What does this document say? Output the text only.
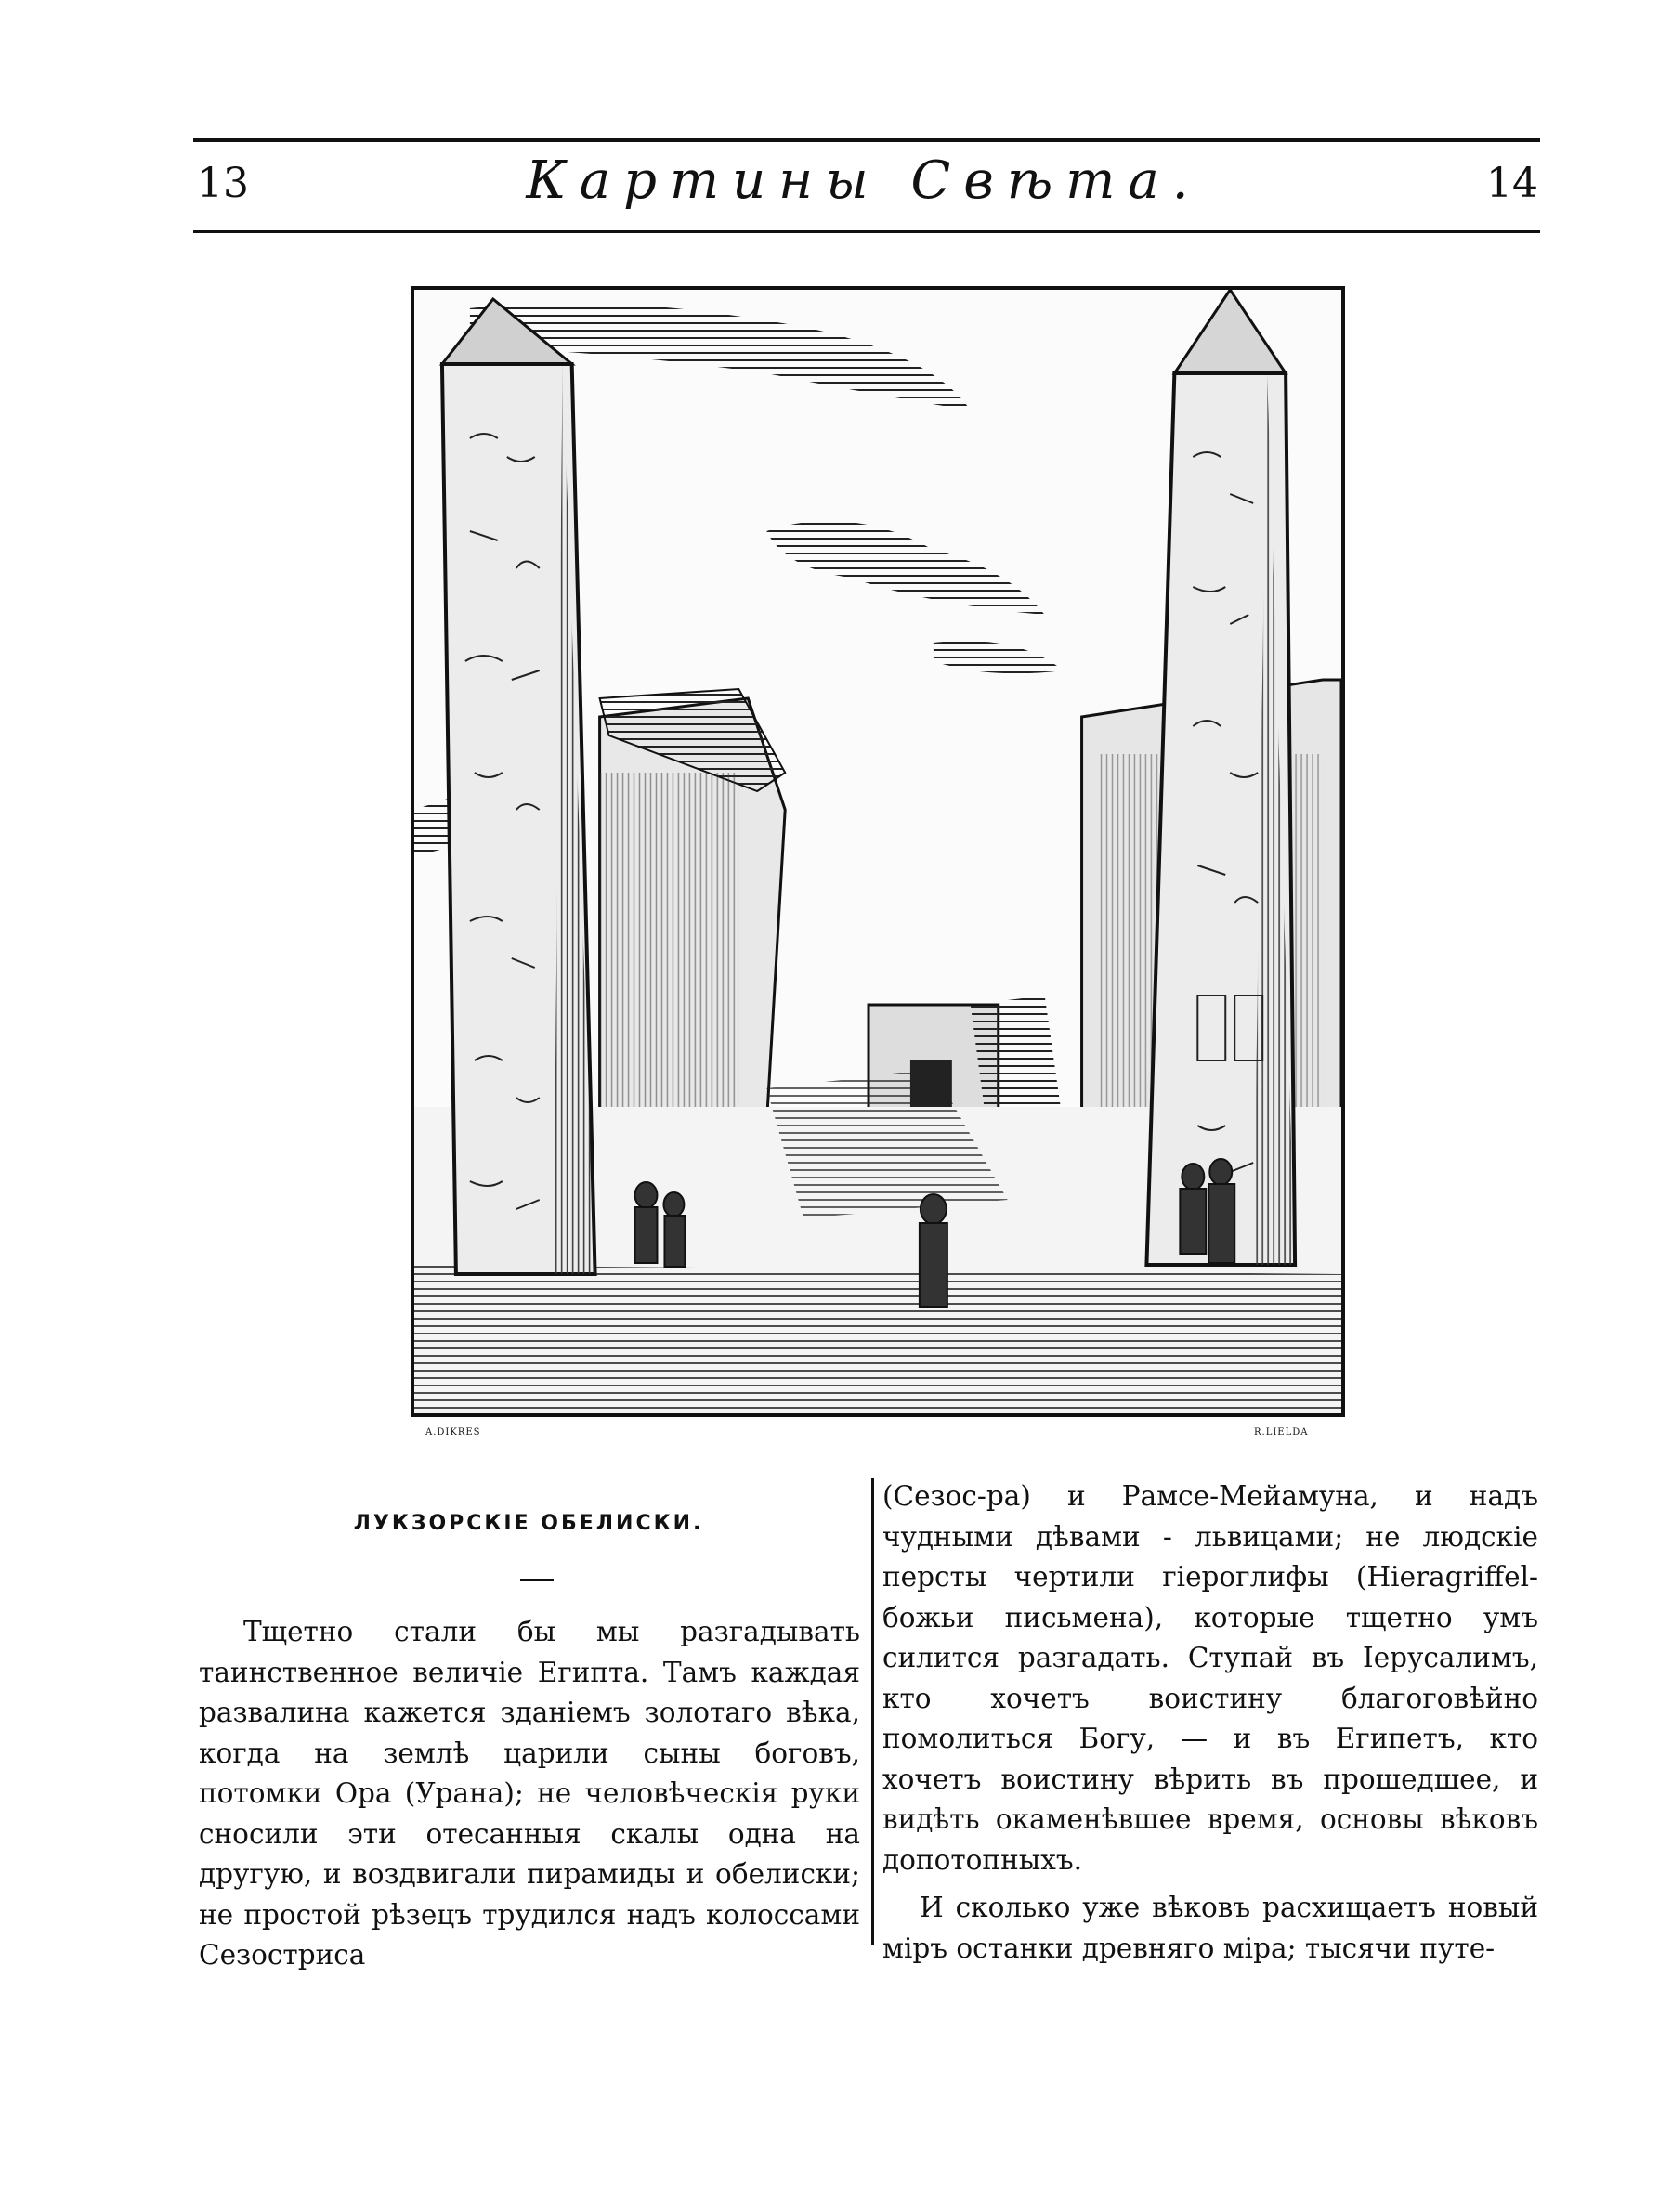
13	Картины Свѣта.	14
A.DIKRES	R.LIELDA
ЛУКЗОРСКІЕ ОБЕЛИСКИ.
Тщетно стали бы мы разгадывать таинственное величіе Египта. Тамъ каждая развалина кажется зданіемъ золотаго вѣка, когда на землѣ царили сыны боговъ, потомки Ора (Урана); не человѣческія руки сносили эти отесанныя скалы одна на другую, и воздвигали пирамиды и обелиски; не простой рѣзецъ трудился надъ колоссами Сезостриса
(Сезос-ра) и Рамсе-Мейамуна, и надъ чудными дѣвами - львицами; не людскіе персты чертили гіероглифы (Hieragriffel-божьи письмена), которые тщетно умъ силится разгадать. Ступай въ Іерусалимъ, кто хочетъ воистину благоговѣйно помолиться Богу, — и въ Египетъ, кто хочетъ воистину вѣрить въ прошедшее, и видѣть окаменѣвшее время, основы вѣковъ допотопныхъ.
И сколько уже вѣковъ расхищаетъ новый міръ останки древняго міра; тысячи путе-
